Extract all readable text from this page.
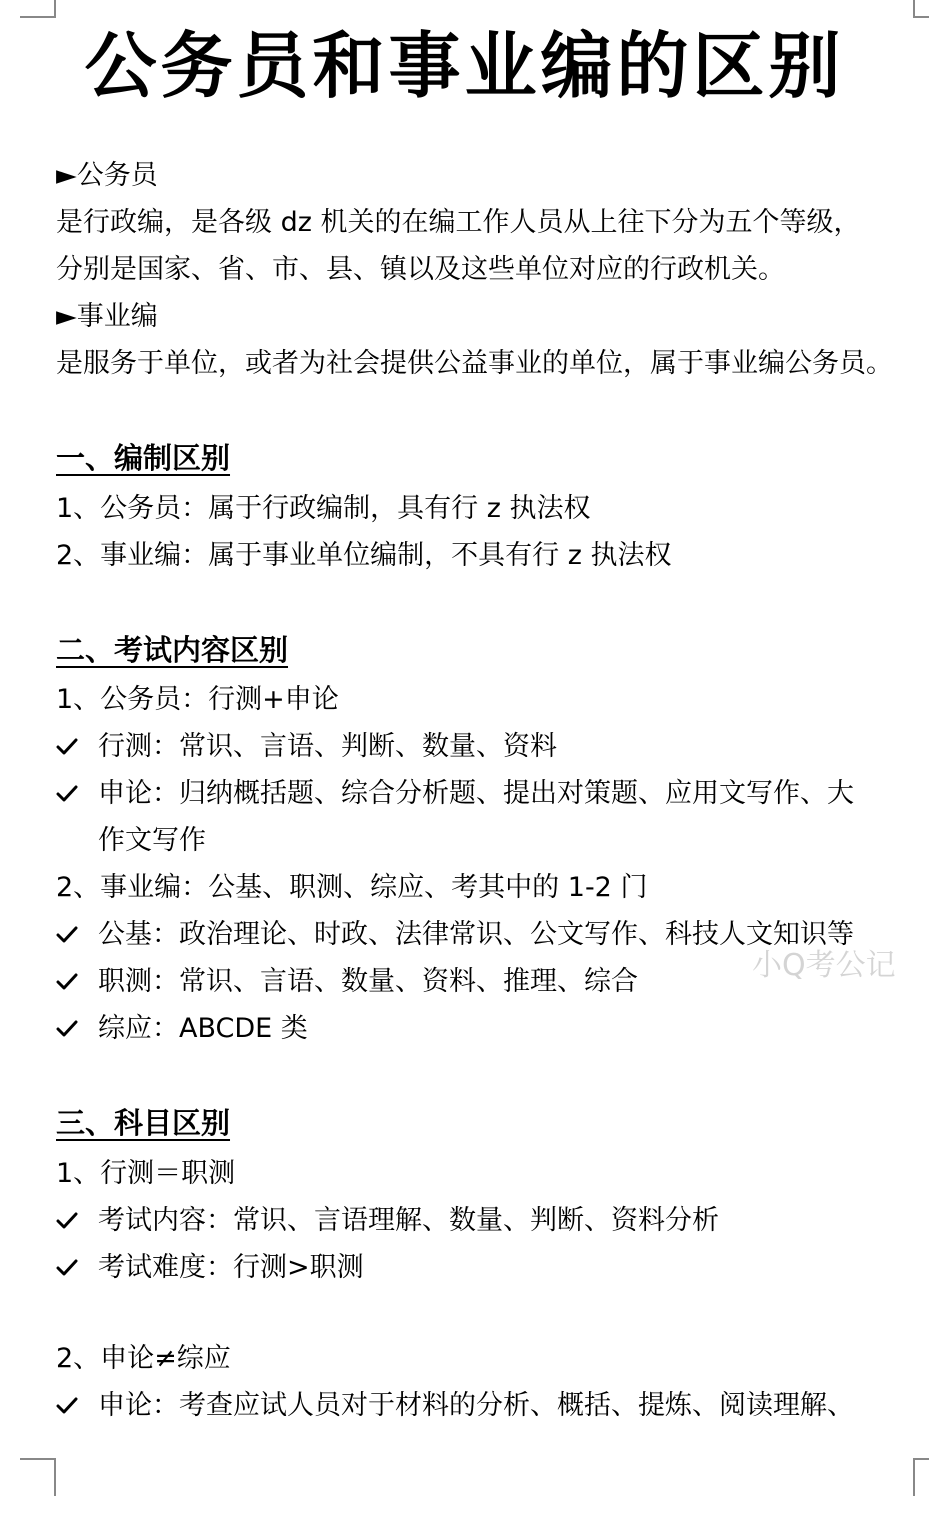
公务员和事业编的区别
►公务员
是行政编，是各级 dz 机关的在编工作人员从上往下分为五个等级，
分别是国家、省、市、县、镇以及这些单位对应的行政机关。
►事业编
是服务于单位，或者为社会提供公益事业的单位，属于事业编公务员。
一、编制区别
1、公务员：属于行政编制，具有行 z 执法权
2、事业编：属于事业单位编制，不具有行 z 执法权
二、考试内容区别
1、公务员：行测+申论
行测：常识、言语、判断、数量、资料
申论：归纳概括题、综合分析题、提出对策题、应用文写作、大
作文写作
2、事业编：公基、职测、综应、考其中的 1-2 门
公基：政治理论、时政、法律常识、公文写作、科技人文知识等
职测：常识、言语、数量、资料、推理、综合
综应：ABCDE 类
三、科目区别
1、行测＝职测
考试内容：常识、言语理解、数量、判断、资料分析
考试难度：行测>职测
2、申论≠综应
申论：考查应试人员对于材料的分析、概括、提炼、阅读理解、
小Q考公记
